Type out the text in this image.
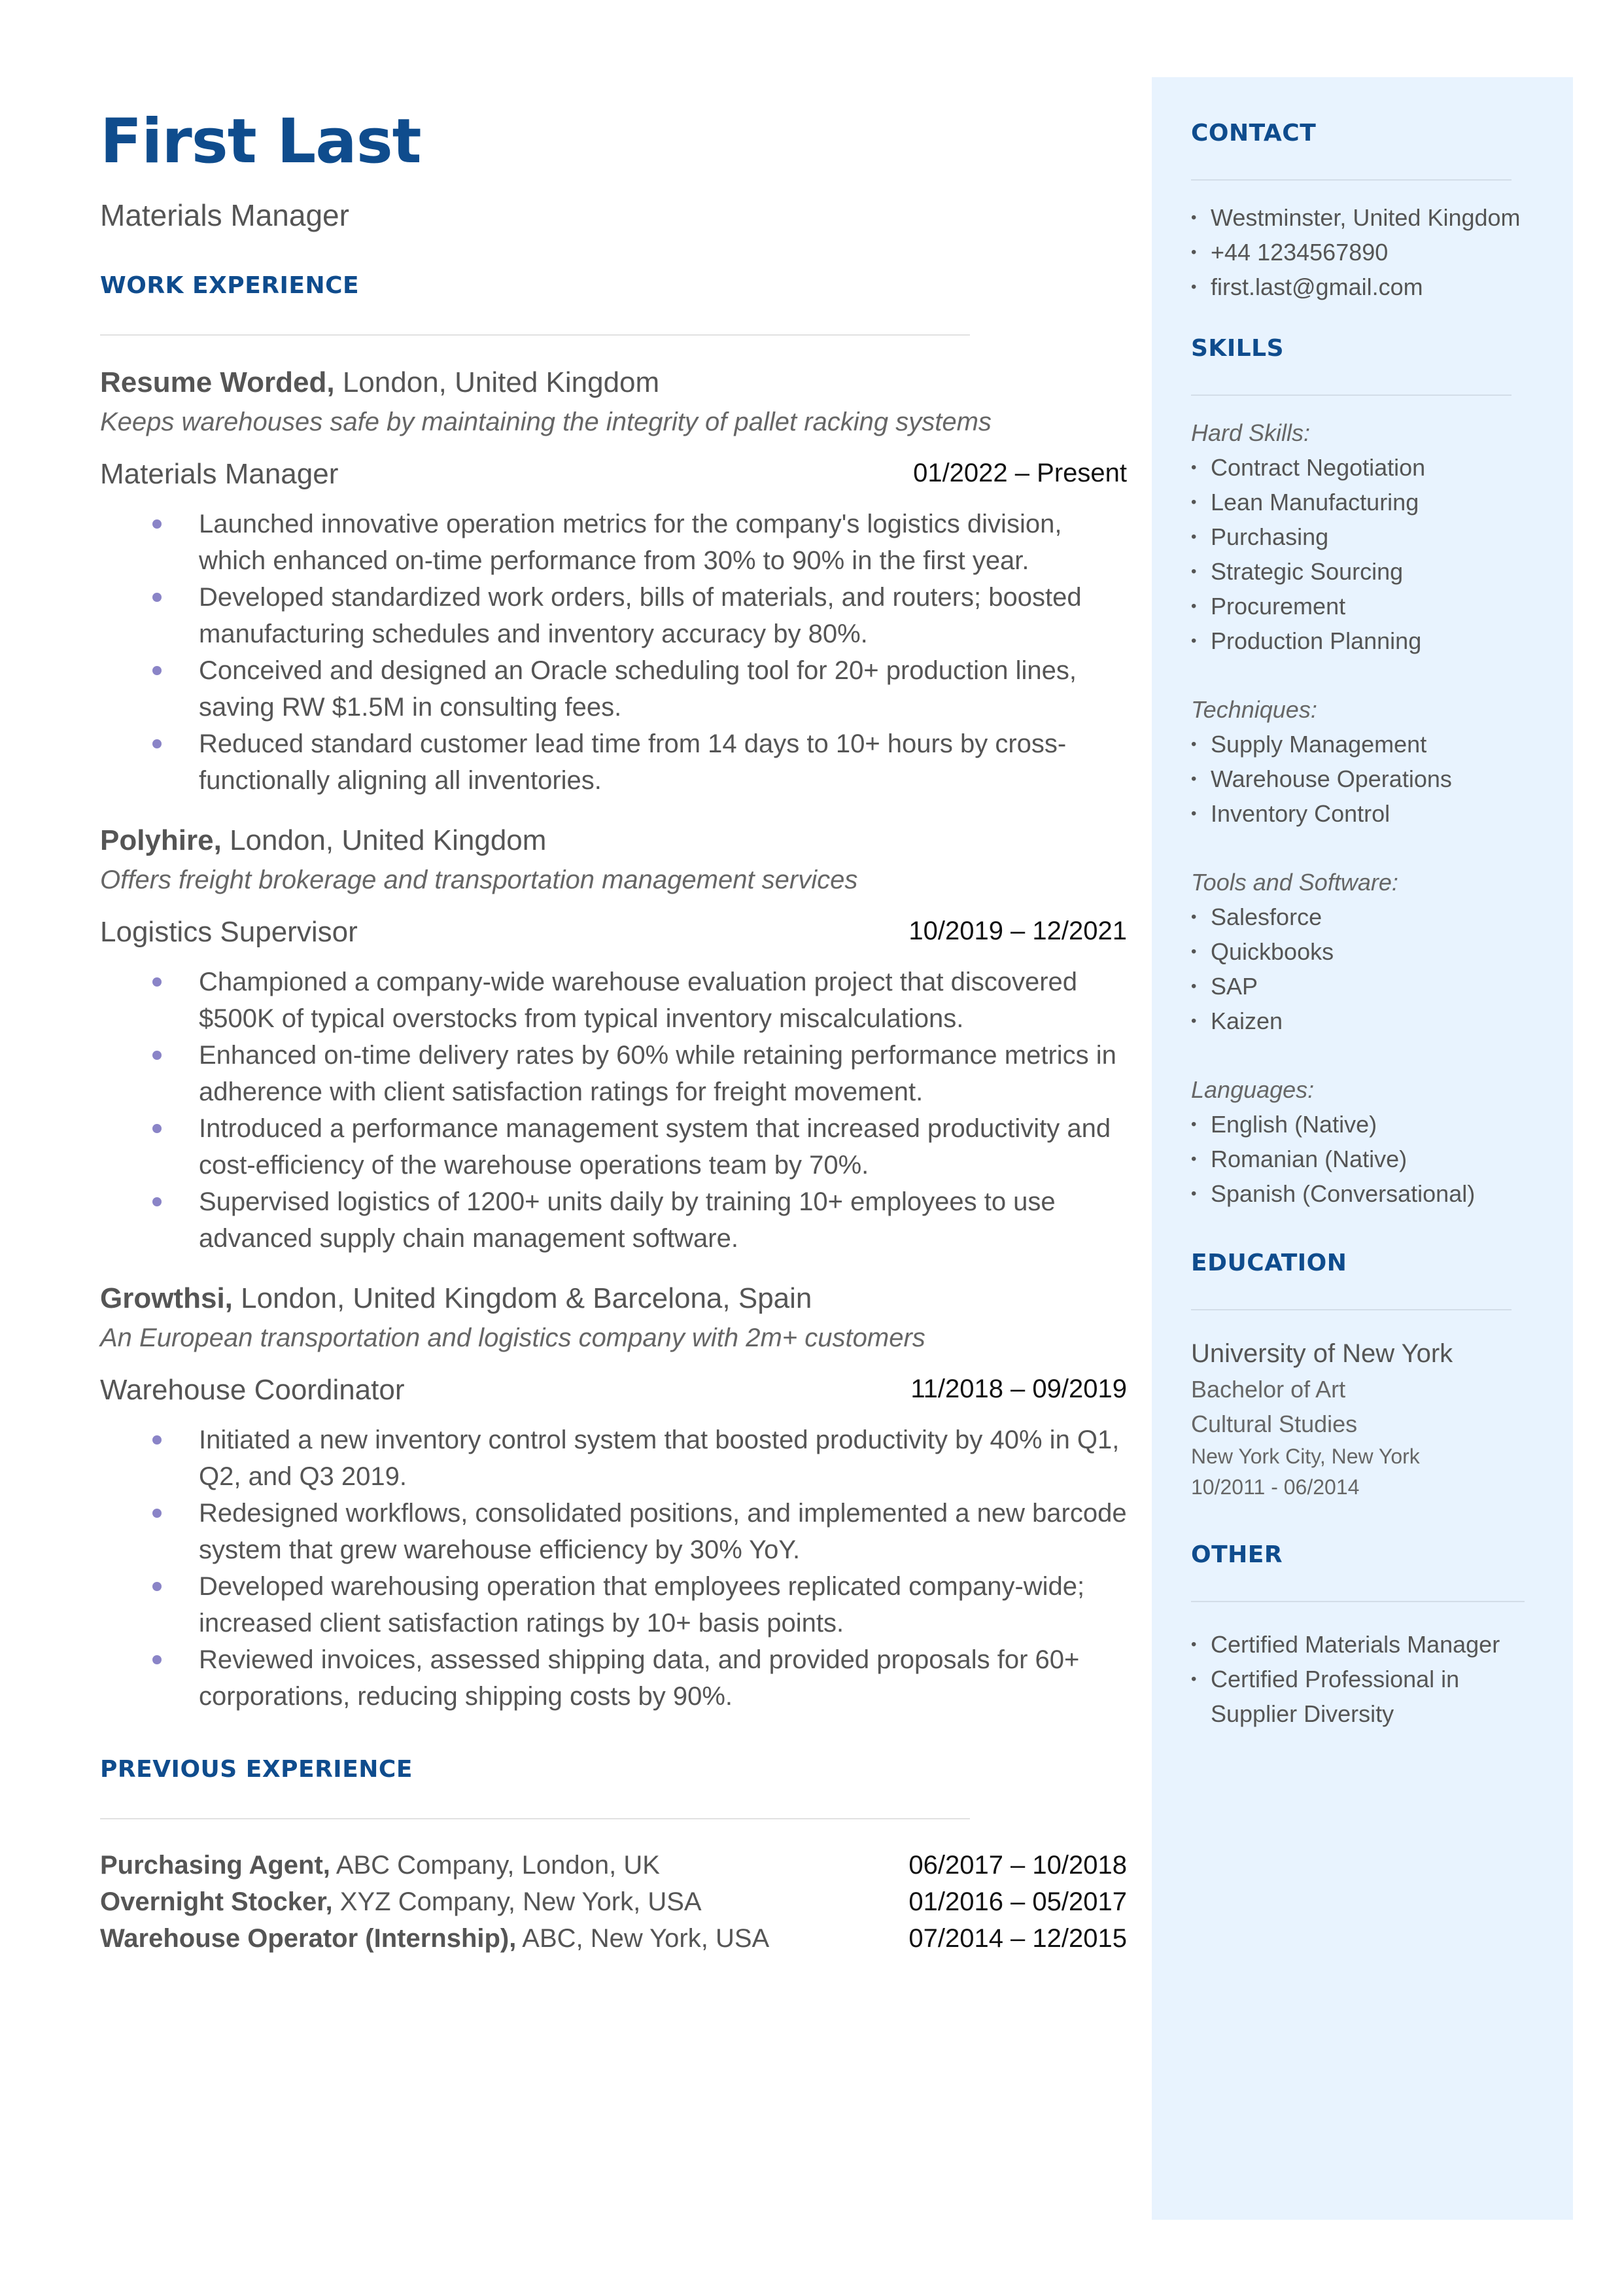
First Last
Materials Manager
WORK EXPERIENCE
Resume Worded, London, United Kingdom
Keeps warehouses safe by maintaining the integrity of pallet racking systems
Materials Manager	01/2022 – Present
Launched innovative operation metrics for the company's logistics division, which enhanced on-time performance from 30% to 90% in the first year.
Developed standardized work orders, bills of materials, and routers; boosted manufacturing schedules and inventory accuracy by 80%.
Conceived and designed an Oracle scheduling tool for 20+ production lines, saving RW $1.5M in consulting fees.
Reduced standard customer lead time from 14 days to 10+ hours by cross-functionally aligning all inventories.
Polyhire, London, United Kingdom
Offers freight brokerage and transportation management services
Logistics Supervisor	10/2019 – 12/2021
Championed a company-wide warehouse evaluation project that discovered $500K of typical overstocks from typical inventory miscalculations.
Enhanced on-time delivery rates by 60% while retaining performance metrics in adherence with client satisfaction ratings for freight movement.
Introduced a performance management system that increased productivity and cost-efficiency of the warehouse operations team by 70%.
Supervised logistics of 1200+ units daily by training 10+ employees to use advanced supply chain management software.
Growthsi, London, United Kingdom & Barcelona, Spain
An European transportation and logistics company with 2m+ customers
Warehouse Coordinator	11/2018 – 09/2019
Initiated a new inventory control system that boosted productivity by 40% in Q1, Q2, and Q3 2019.
Redesigned workflows, consolidated positions, and implemented a new barcode system that grew warehouse efficiency by 30% YoY.
Developed warehousing operation that employees replicated company-wide; increased client satisfaction ratings by 10+ basis points.
Reviewed invoices, assessed shipping data, and provided proposals for 60+ corporations, reducing shipping costs by 90%.
PREVIOUS EXPERIENCE
Purchasing Agent, ABC Company, London, UK	06/2017 – 10/2018
Overnight Stocker, XYZ Company, New York, USA	01/2016 – 05/2017
Warehouse Operator (Internship), ABC, New York, USA	07/2014 – 12/2015
CONTACT
• Westminster, United Kingdom
• +44 1234567890
• first.last@gmail.com
SKILLS
Hard Skills:
• Contract Negotiation
• Lean Manufacturing
• Purchasing
• Strategic Sourcing
• Procurement
• Production Planning
Techniques:
• Supply Management
• Warehouse Operations
• Inventory Control
Tools and Software:
• Salesforce
• Quickbooks
• SAP
• Kaizen
Languages:
• English (Native)
• Romanian (Native)
• Spanish (Conversational)
EDUCATION
University of New York
Bachelor of Art
Cultural Studies
New York City, New York
10/2011 - 06/2014
OTHER
• Certified Materials Manager
• Certified Professional in Supplier Diversity
